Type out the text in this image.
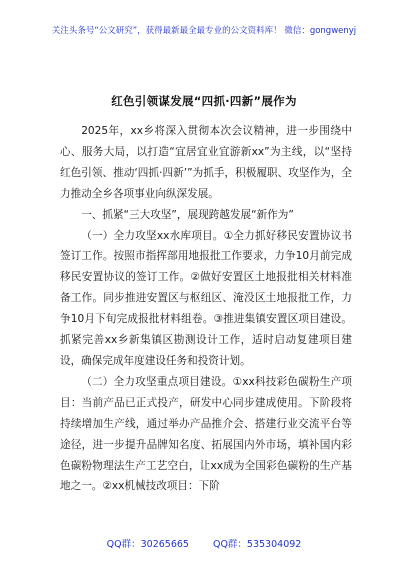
关注头条号“公文研究”，获得最新最全最专业的公文资料库！ 微信：gongwenyj
红色引领谋发展“四抓·四新”展作为

2025年，xx乡将深入贯彻本次会议精神，进一步围绕中心、服务大局，以打造“宜居宜业宜游新xx”为主线，以“坚持红色引领、推动‘四抓·四新’”为抓手，积极履职、攻坚作为，全力推动全乡各项事业向纵深发展。

一、抓紧“三大攻坚”，展现跨越发展“新作为”

（一）全力攻坚xx水库项目。①全力抓好移民安置协议书签订工作。按照市指挥部用地报批工作要求，力争10月前完成移民安置协议的签订工作。②做好安置区土地报批相关材料准备工作。同步推进安置区与枢纽区、淹没区土地报批工作，力争10月下旬完成报批材料组卷。③推进集镇安置区项目建设。抓紧完善xx乡新集镇区勘测设计工作，适时启动复建项目建设，确保完成年度建设任务和投资计划。

（二）全力攻坚重点项目建设。①xx科技彩色碳粉生产项目：当前产品已正式投产，研发中心同步建成使用。下阶段将持续增加生产线，通过举办产品推介会、搭建行业交流平台等途径，进一步提升品牌知名度、拓展国内外市场，填补国内彩色碳粉物理法生产工艺空白，让xx成为全国彩色碳粉的生产基地之一。②xx机械技改项目：下阶

QQ群：30265665	QQ群：535304092
